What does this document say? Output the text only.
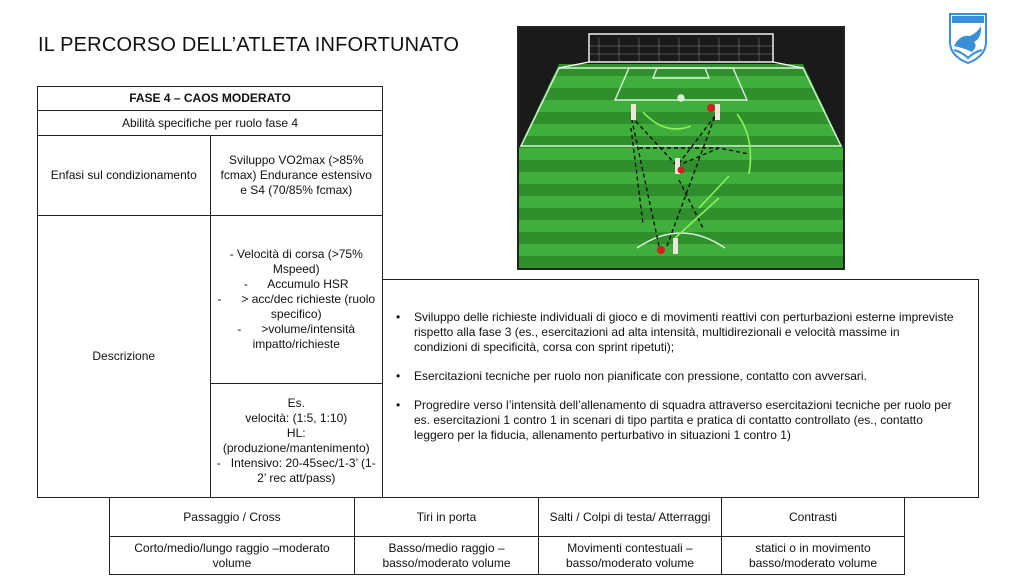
IL PERCORSO DELL’ATLETA INFORTUNATO
FASE 4 – CAOS MODERATO	
Abilità specifiche per ruolo fase 4	
Enfasi sul condizionamento	Sviluppo VO2max (>85% fcmax) Endurance estensivo e S4 (70/85% fcmax)
Descrizione	- Velocità di corsa (>75% Mspeed)
-      Accumulo HSR
-      > acc/dec richieste (ruolo specifico)
-      >volume/intensità impatto/richieste

	Es.
velocità: (1:5, 1:10)
HL: (produzione/mantenimento)
-   Intensivo: 20-45sec/1-3’ (1-2’ rec att/pass)
• Sviluppo delle richieste individuali di gioco e di movimenti reattivi con perturbazioni esterne impreviste rispetto alla fase 3 (es., esercitazioni ad alta intensità, multidirezionali e velocità massime in condizioni di specificità, corsa con sprint ripetuti);
• Esercitazioni tecniche per ruolo non pianificate con pressione, contatto con avversari.
• Progredire verso l’intensità dell’allenamento di squadra attraverso esercitazioni tecniche per ruolo per es. esercitazioni 1 contro 1 in scenari di tipo partita e pratica di contatto controllato (es., contatto leggero per la fiducia, allenamento perturbativo in situazioni 1 contro 1)
Passaggio / Cross	Tiri in porta	Salti / Colpi di testa/ Atterraggi	Contrasti
Corto/medio/lungo raggio –moderato volume	Basso/medio raggio – basso/moderato volume	Movimenti contestuali – basso/moderato volume	statici o in movimento basso/moderato volume
